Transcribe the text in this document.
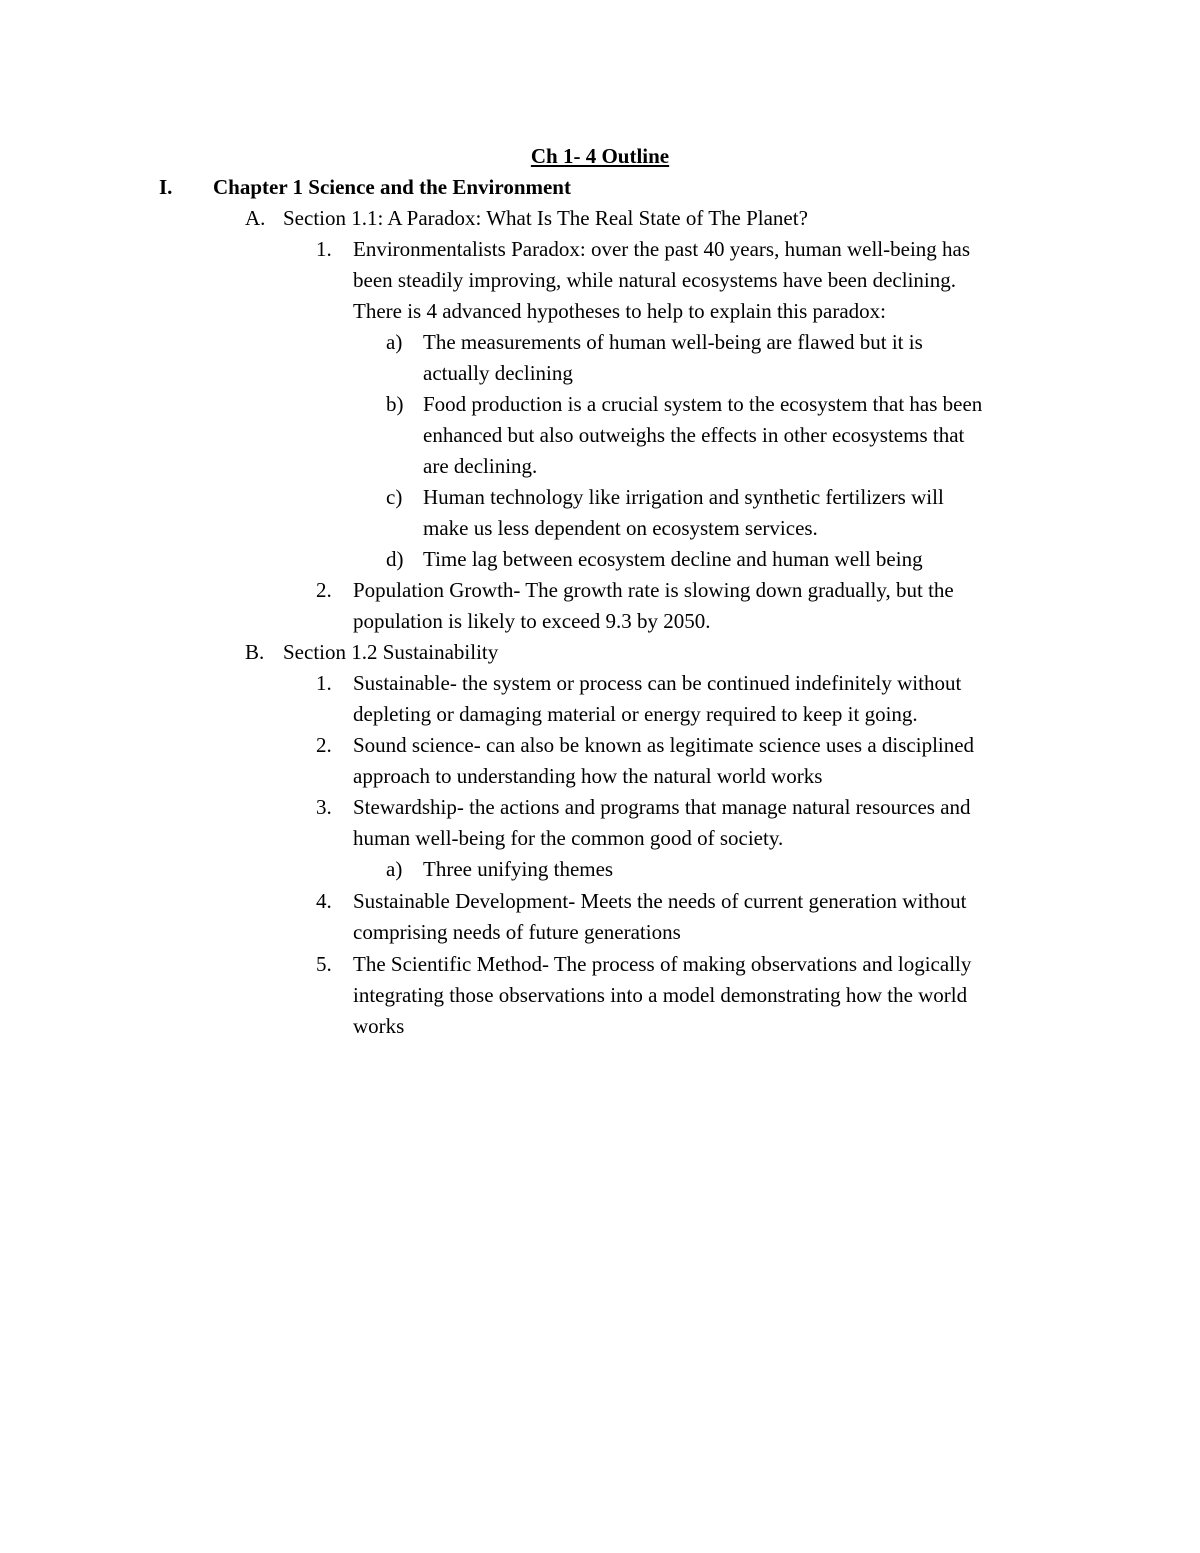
Ch 1- 4 Outline
I. Chapter 1 Science and the Environment
A. Section 1.1: A Paradox: What Is The Real State of The Planet?
1. Environmentalists Paradox: over the past 40 years, human well-being has
been steadily improving, while natural ecosystems have been declining.
There is 4 advanced hypotheses to help to explain this paradox:
a) The measurements of human well-being are flawed but it is
actually declining
b) Food production is a crucial system to the ecosystem that has been
enhanced but also outweighs the effects in other ecosystems that
are declining.
c) Human technology like irrigation and synthetic fertilizers will
make us less dependent on ecosystem services.
d) Time lag between ecosystem decline and human well being
2. Population Growth- The growth rate is slowing down gradually, but the
population is likely to exceed 9.3 by 2050.
B. Section 1.2 Sustainability
1. Sustainable- the system or process can be continued indefinitely without
depleting or damaging material or energy required to keep it going.
2. Sound science- can also be known as legitimate science uses a disciplined
approach to understanding how the natural world works
3. Stewardship- the actions and programs that manage natural resources and
human well-being for the common good of society.
a) Three unifying themes
4. Sustainable Development- Meets the needs of current generation without
comprising needs of future generations
5. The Scientific Method- The process of making observations and logically
integrating those observations into a model demonstrating how the world
works
